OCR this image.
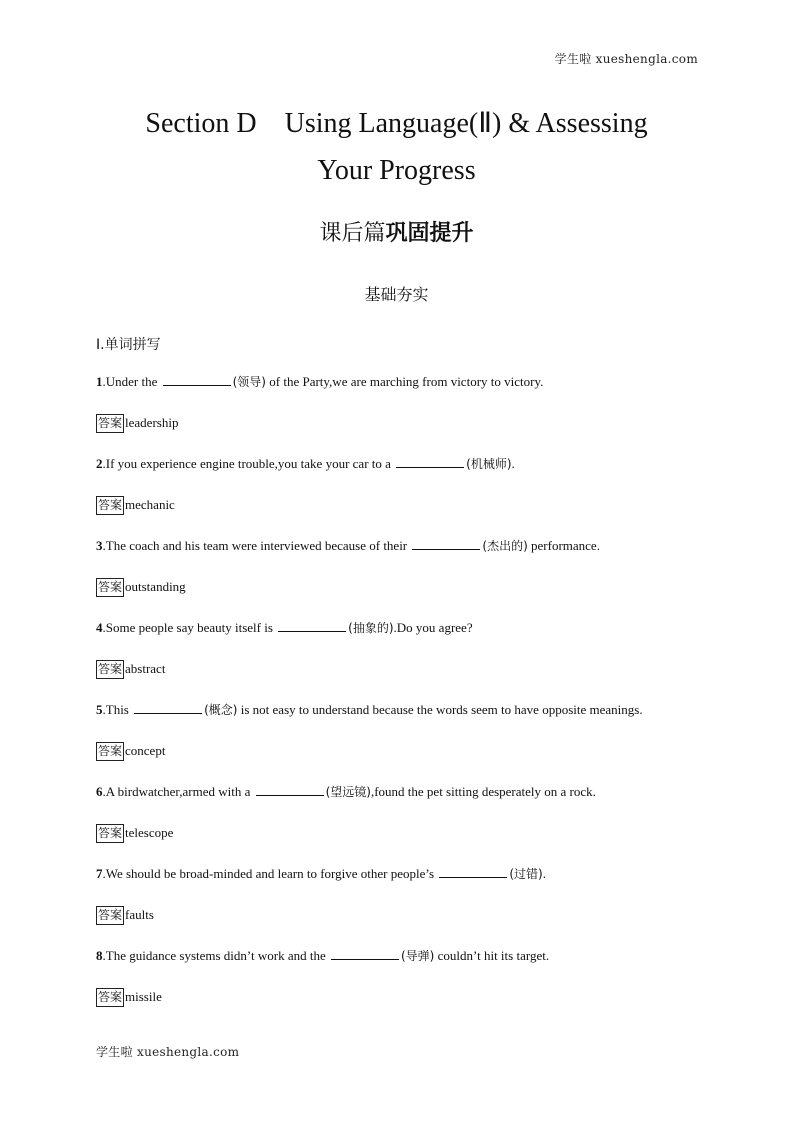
学生啦 xueshengla.com
Section D    Using Language(Ⅱ) & Assessing
Your Progress
课后篇巩固提升
基础夯实
Ⅰ.单词拼写
1.Under the	(领导) of the Party,we are marching from victory to victory.
答案 leadership
2.If you experience engine trouble,you take your car to a	(机械师).
答案 mechanic
3.The coach and his team were interviewed because of their	(杰出的) performance.
答案 outstanding
4.Some people say beauty itself is	(抽象的).Do you agree?
答案 abstract
5.This	(概念) is not easy to understand because the words seem to have opposite meanings.
答案 concept
6.A birdwatcher,armed with a	(望远镜),found the pet sitting desperately on a rock.
答案 telescope
7.We should be broad-minded and learn to forgive other people’s	(过错).
答案 faults
8.The guidance systems didn’t work and the	(导弹) couldn’t hit its target.
答案 missile
学生啦 xueshengla.com
